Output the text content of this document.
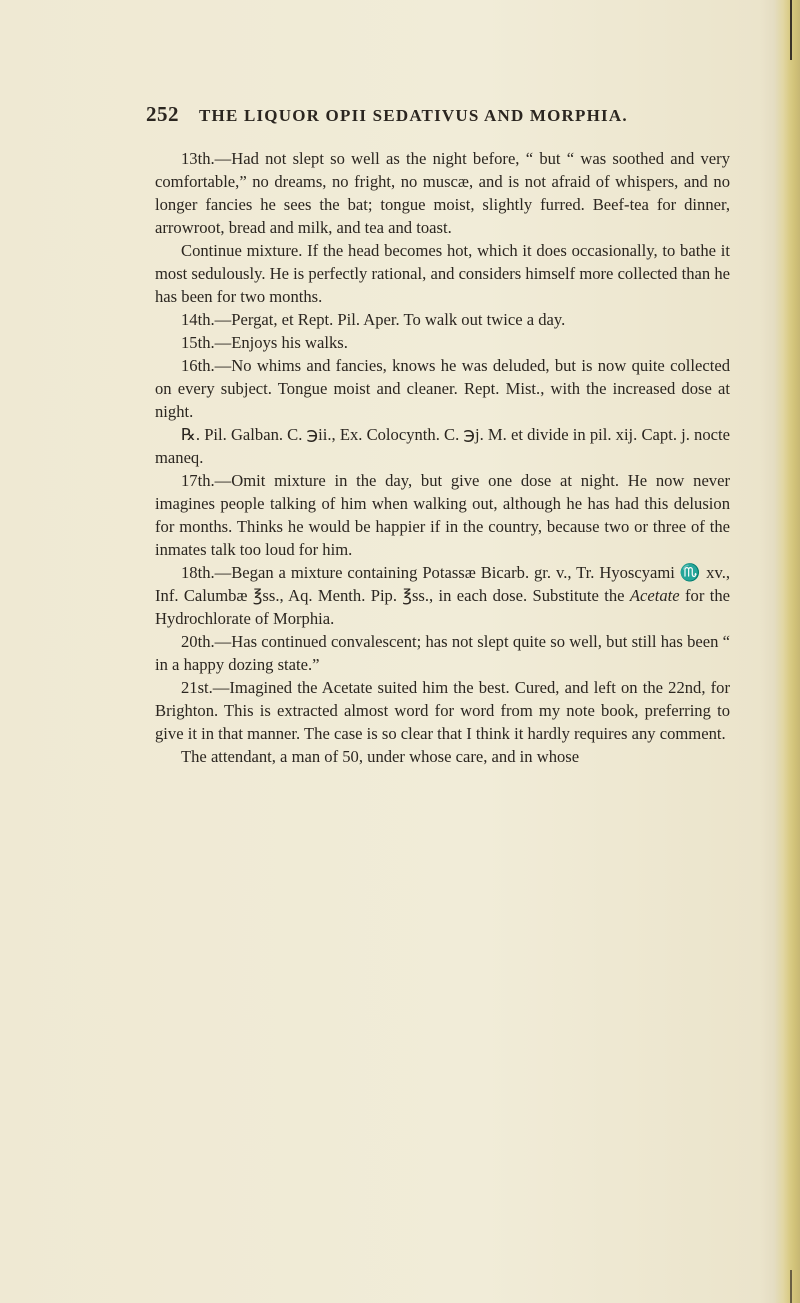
252 THE LIQUOR OPII SEDATIVUS AND MORPHIA.

13th.—Had not slept so well as the night before, “ but “ was soothed and very comfortable,” no dreams, no fright, no muscæ, and is not afraid of whispers, and no longer fancies he sees the bat; tongue moist, slightly furred. Beef-tea for dinner, arrowroot, bread and milk, and tea and toast.

Continue mixture. If the head becomes hot, which it does occasionally, to bathe it most sedulously. He is perfectly rational, and considers himself more collected than he has been for two months.

14th.—Pergat, et Rept. Pil. Aper. To walk out twice a day.

15th.—Enjoys his walks.

16th.—No whims and fancies, knows he was deluded, but is now quite collected on every subject. Tongue moist and cleaner. Rept. Mist., with the increased dose at night.

℞. Pil. Galban. C. ℈ii., Ex. Colocynth. C. ℈j. M. et divide in pil. xij. Capt. j. nocte maneq.

17th.—Omit mixture in the day, but give one dose at night. He now never imagines people talking of him when walking out, although he has had this delusion for months. Thinks he would be happier if in the country, because two or three of the inmates talk too loud for him.

18th.—Began a mixture containing Potassæ Bicarb. gr. v., Tr. Hyoscyami ♏ xv., Inf. Calumbæ ℥ss., Aq. Menth. Pip. ℥ss., in each dose. Substitute the Acetate for the Hydrochlorate of Morphia.

20th.—Has continued convalescent; has not slept quite so well, but still has been “ in a happy dozing state.”

21st.—Imagined the Acetate suited him the best. Cured, and left on the 22nd, for Brighton. This is extracted almost word for word from my note book, preferring to give it in that manner. The case is so clear that I think it hardly requires any comment.

The attendant, a man of 50, under whose care, and in whose
